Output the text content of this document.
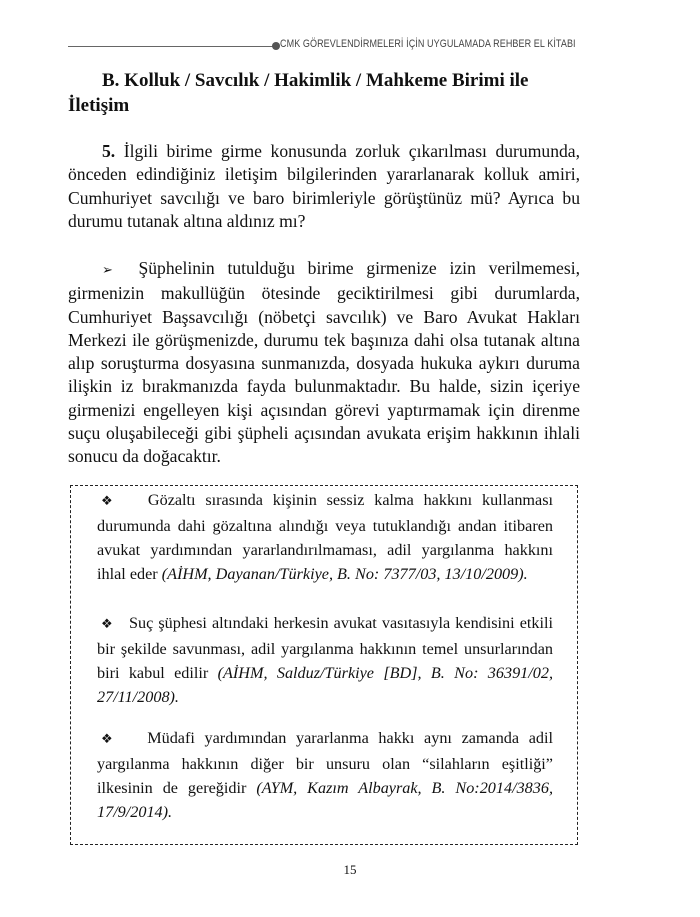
CMK GÖREVLENDİRMELERİ İÇİN UYGULAMADA REHBER EL KİTABI
B. Kolluk / Savcılık / Hakimlik / Mahkeme Birimi ile
İletişim

5. İlgili birime girme konusunda zorluk çıkarılması durumunda, önceden edindiğiniz iletişim bilgilerinden yararlanarak kolluk amiri, Cumhuriyet savcılığı ve baro birimleriyle görüştünüz mü? Ayrıca bu durumu tutanak altına aldınız mı?

➢ Şüphelinin tutulduğu birime girmenize izin verilmemesi, girmenizin makullüğün ötesinde geciktirilmesi gibi durumlarda, Cumhuriyet Başsavcılığı (nöbetçi savcılık) ve Baro Avukat Hakları Merkezi ile görüşmenizde, durumu tek başınıza dahi olsa tutanak altına alıp soruşturma dosyasına sunmanızda, dosyada hukuka aykırı duruma ilişkin iz bırakmanızda fayda bulunmaktadır. Bu halde, sizin içeriye girmenizi engelleyen kişi açısından görevi yaptırmamak için direnme suçu oluşabileceği gibi şüpheli açısından avukata erişim hakkının ihlali sonucu da doğacaktır.

❖ Gözaltı sırasında kişinin sessiz kalma hakkını kullanması durumunda dahi gözaltına alındığı veya tutuklandığı andan itibaren avukat yardımından yararlandırılmaması, adil yargılanma hakkını ihlal eder (AİHM, Dayanan/Türkiye, B. No: 7377/03, 13/10/2009).

❖ Suç şüphesi altındaki herkesin avukat vasıtasıyla kendisini etkili bir şekilde savunması, adil yargılanma hakkının temel unsurlarından biri kabul edilir (AİHM, Salduz/Türkiye [BD], B. No: 36391/02, 27/11/2008).

❖ Müdafi yardımından yararlanma hakkı aynı zamanda adil yargılanma hakkının diğer bir unsuru olan “silahların eşitliği” ilkesinin de gereğidir (AYM, Kazım Albayrak, B. No:2014/3836, 17/9/2014).

15
